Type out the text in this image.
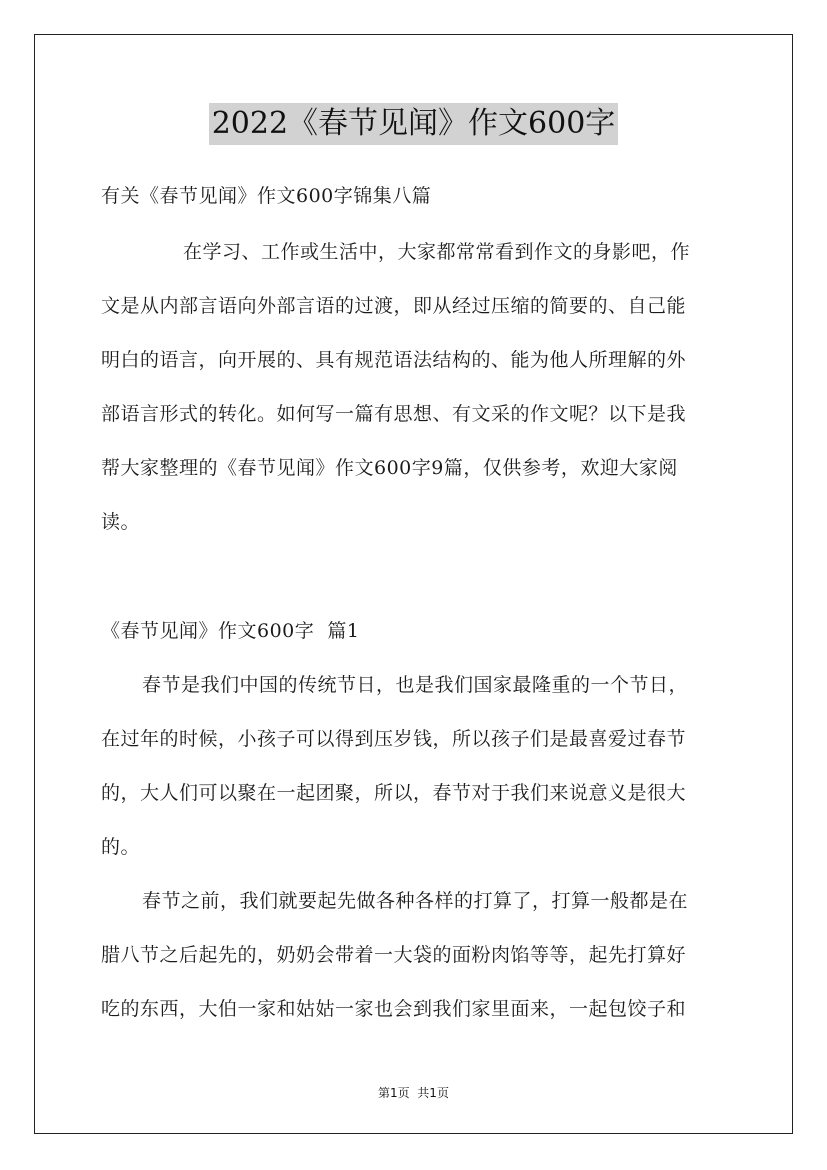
2022《春节见闻》作文600字

有关《春节见闻》作文600字锦集八篇

在学习、工作或生活中，大家都常常看到作文的身影吧，作

文是从内部言语向外部言语的过渡，即从经过压缩的简要的、自己能

明白的语言，向开展的、具有规范语法结构的、能为他人所理解的外

部语言形式的转化。如何写一篇有思想、有文采的作文呢？以下是我

帮大家整理的《春节见闻》作文600字9篇，仅供参考，欢迎大家阅

读。

《春节见闻》作文600字  篇1

春节是我们中国的传统节日，也是我们国家最隆重的一个节日，

在过年的时候，小孩子可以得到压岁钱，所以孩子们是最喜爱过春节

的，大人们可以聚在一起团聚，所以，春节对于我们来说意义是很大

的。

春节之前，我们就要起先做各种各样的打算了，打算一般都是在

腊八节之后起先的，奶奶会带着一大袋的面粉肉馅等等，起先打算好

吃的东西，大伯一家和姑姑一家也会到我们家里面来，一起包饺子和

第1页  共1页
